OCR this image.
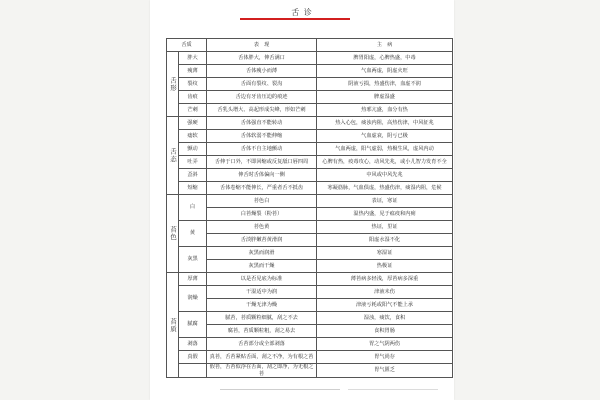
舌 诊
舌质		表　现	主　病
舌形	胖大	舌体胖大，伸舌满口	脾胃阳虚，心脾热盛，中毒
	瘦薄	舌体瘦小而薄	气血两虚，阴虚火旺
	裂纹	舌面有裂纹、裂沟	阴液亏损，热盛伤津，血虚不润
	齿痕	舌边有牙齿压迫的痕迹	脾虚湿盛
	芒刺	舌乳头增大、高起形成尖峰，形如芒刺	热邪亢盛，血分有热
舌态	强硬	舌体强直不能转动	热入心包，痰浊内阻，高热伤津，中风征兆
	痿软	舌体软弱不能伸缩	气血虚衰，阴亏已极
	颤动	舌体不自主地颤动	气血两虚，阳气虚弱，热极生风，虚风内动
	吐弄	舌伸于口外，不即回缩或反复舐口唇四周	心脾有热，疫毒攻心，动风先兆，或小儿智力发育不全
	歪斜	伸舌时舌体偏向一侧	中风或中风先兆
	短缩	舌体卷缩不能伸长，严重者舌不抵齿	寒凝筋脉，气血俱虚，热盛伤津，痰湿内阻，危候
苔色	白	苔色白	表证，寒证
		白苔燥裂（粉苔）	温热内盛，见于瘟疫和内痈
	黄	苔色黄	热证，里证
		舌淡胖嫩苔黄滑润	阳虚水湿不化
	灰黑	灰黑而润滑	寒湿证
		灰黑而干燥	热极证
苔质	厚薄	以是否见底为标准	薄苔病多轻浅，厚苔病多深重
	润燥	干湿适中为润	津液未伤
		干燥无津为燥	津液亏耗或阳气不能上承
	腻腐	腻苔，苔质颗粒细腻，刮之不去	湿浊，痰饮，食积
		腐苔，苔质颗粒粗，刮之易去	食积胃肠
	剥落	舌苔部分或全部剥落	胃之气阴两伤
	真假	真苔，舌苔紧贴舌面，刮之不净，为有根之苔	胃气尚存
		假苔，舌苔似浮在舌面，刮之即净，为无根之苔	胃气匮乏
